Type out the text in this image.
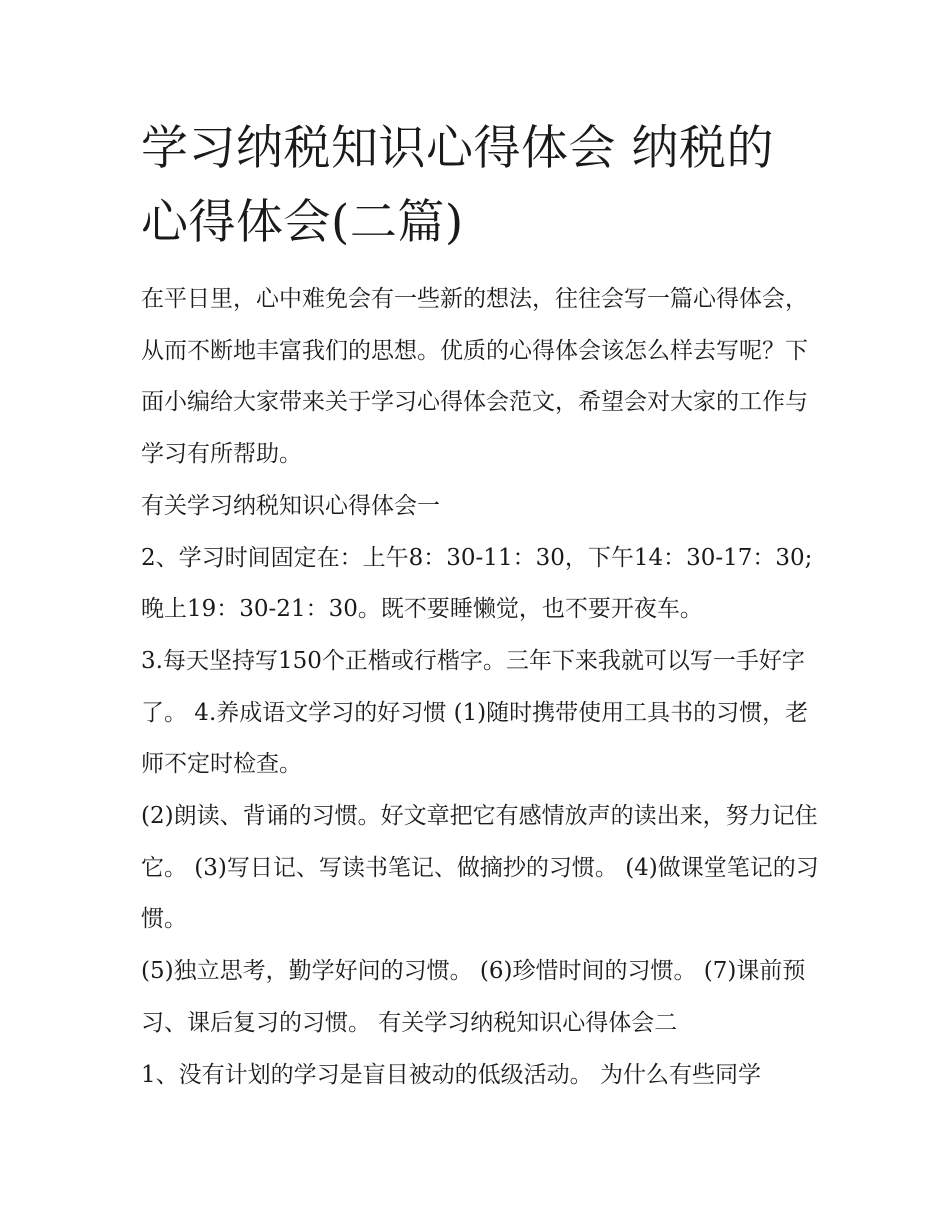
学习纳税知识心得体会 纳税的心得体会(二篇)

在平日里，心中难免会有一些新的想法，往往会写一篇心得体会，从而不断地丰富我们的思想。优质的心得体会该怎么样去写呢？下面小编给大家带来关于学习心得体会范文，希望会对大家的工作与学习有所帮助。

有关学习纳税知识心得体会一

2、学习时间固定在：上午8：30-11：30，下午14：30-17：30;晚上19：30-21：30。既不要睡懒觉，也不要开夜车。

3.每天坚持写150个正楷或行楷字。三年下来我就可以写一手好字了。 4.养成语文学习的好习惯 (1)随时携带使用工具书的习惯，老师不定时检查。

(2)朗读、背诵的习惯。好文章把它有感情放声的读出来，努力记住它。 (3)写日记、写读书笔记、做摘抄的习惯。 (4)做课堂笔记的习惯。

(5)独立思考，勤学好问的习惯。 (6)珍惜时间的习惯。 (7)课前预习、课后复习的习惯。 有关学习纳税知识心得体会二

1、没有计划的学习是盲目被动的低级活动。 为什么有些同学
